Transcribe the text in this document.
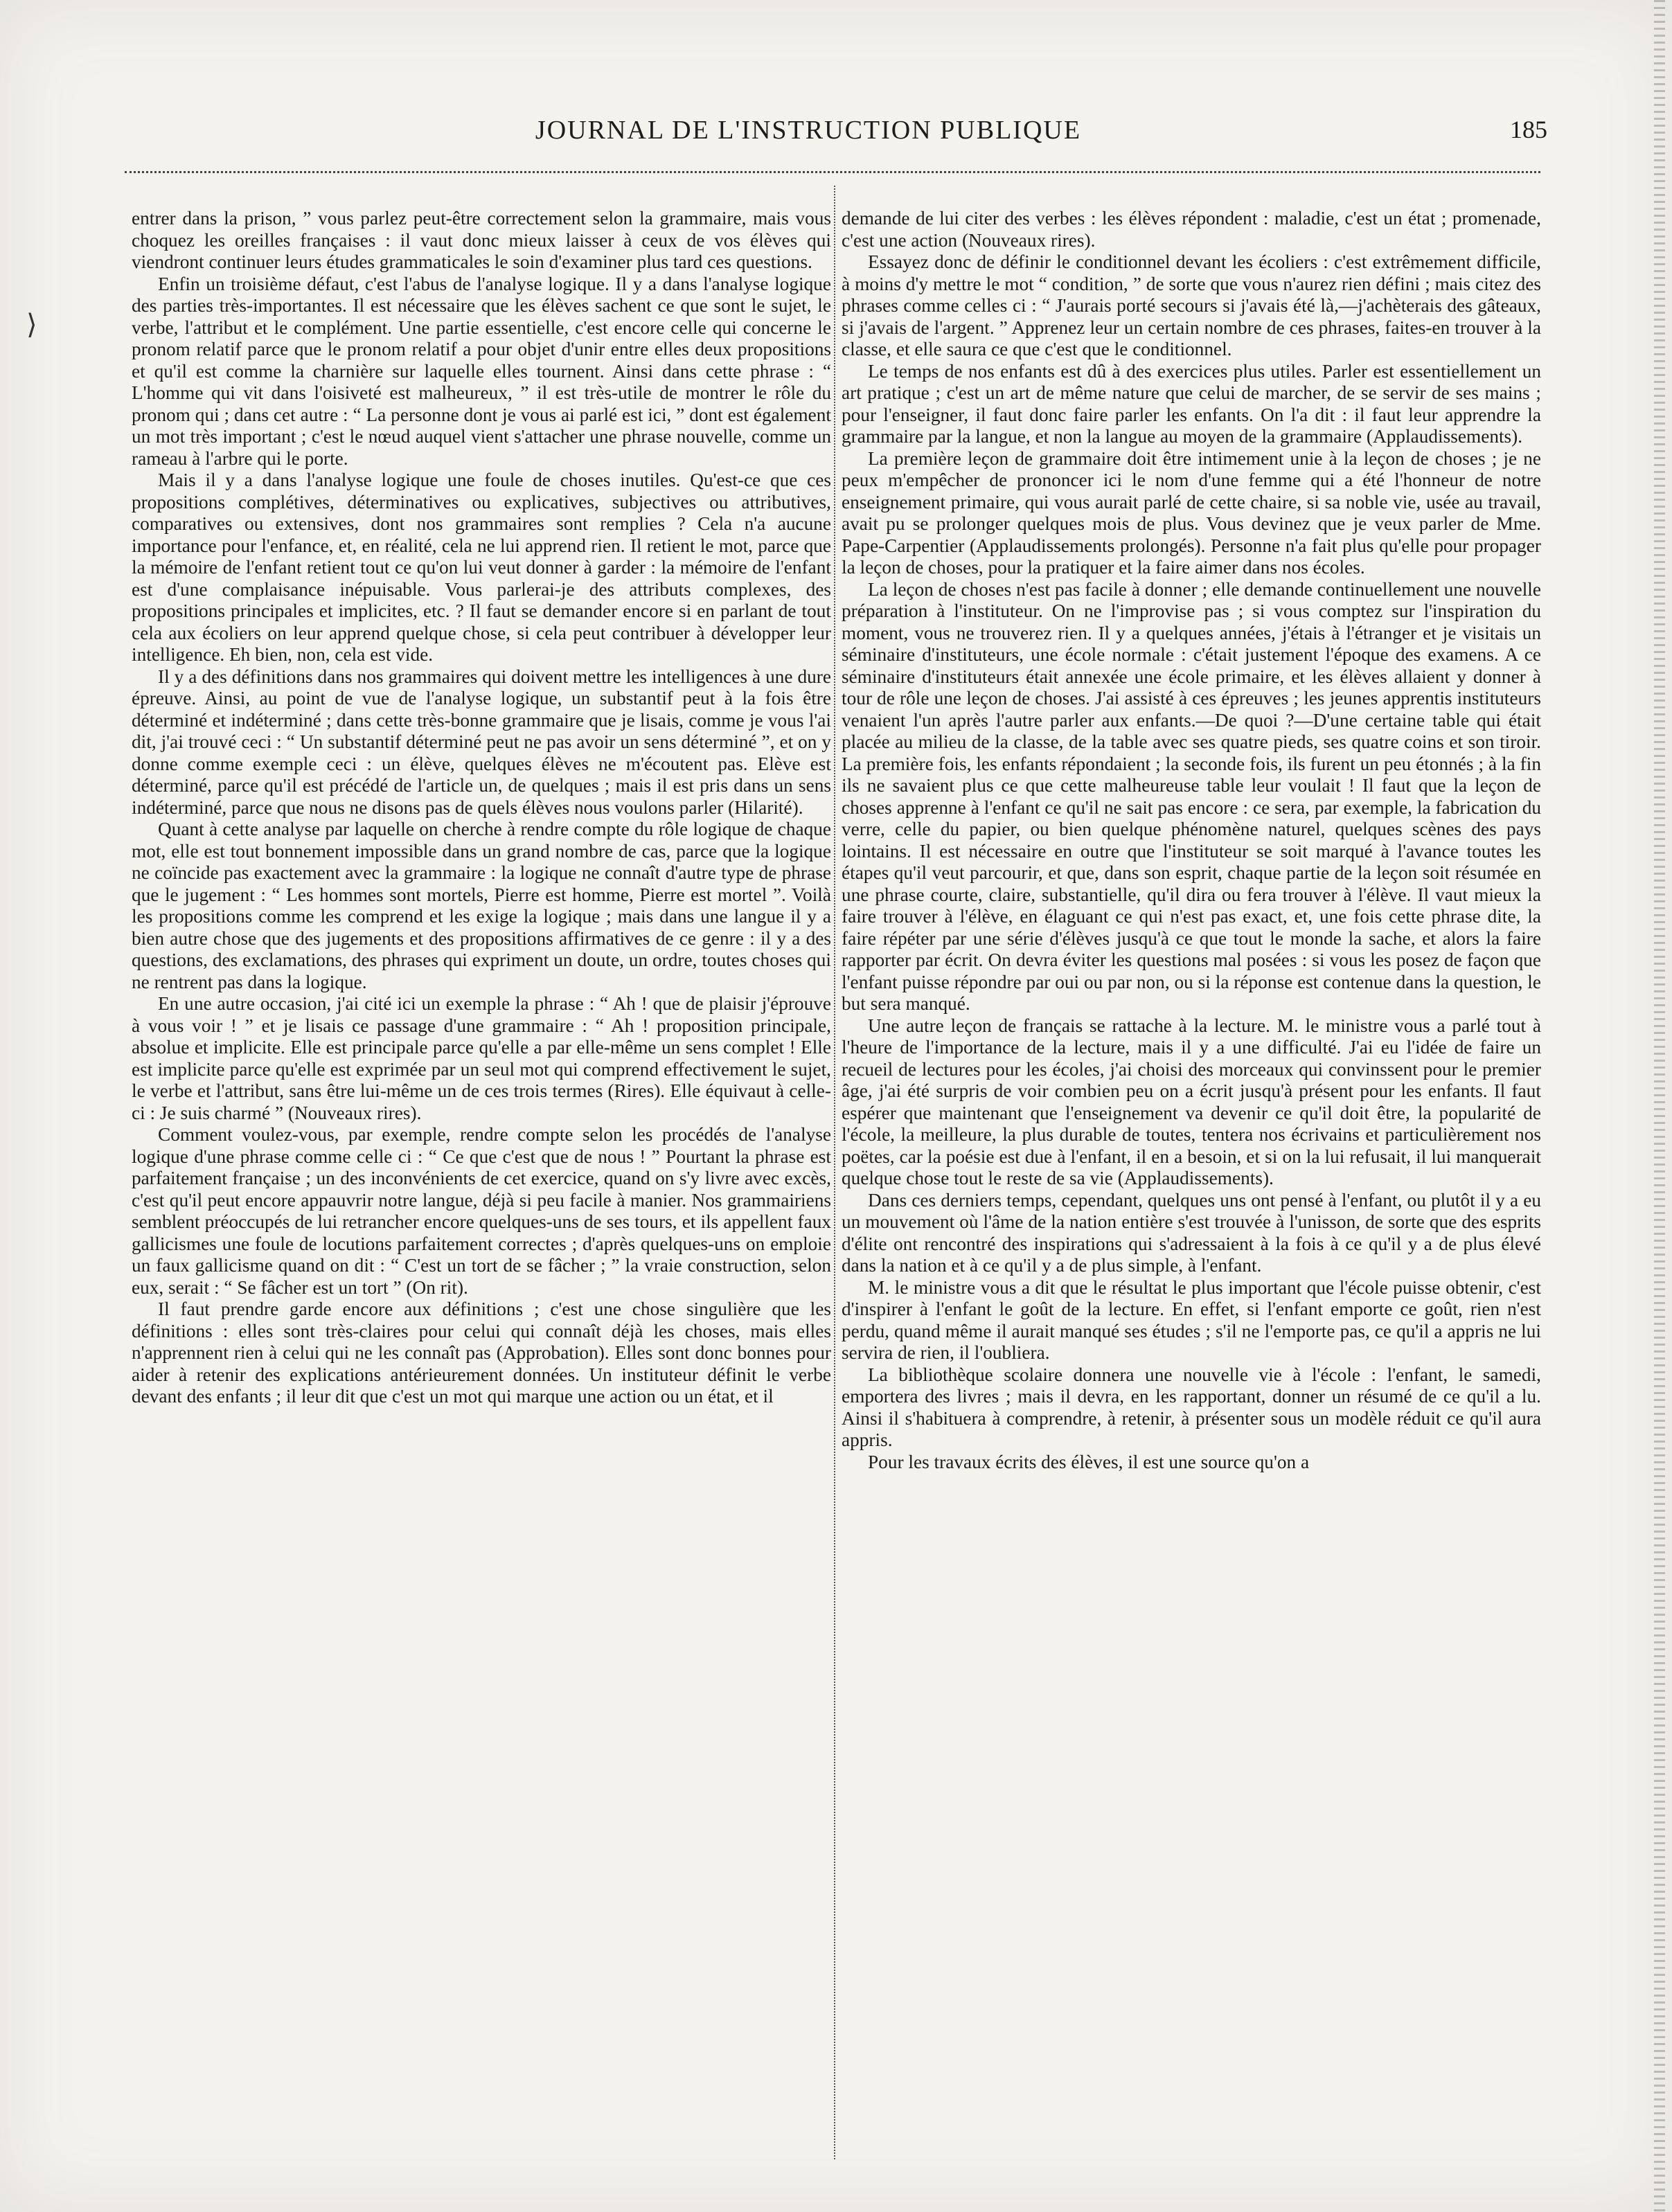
⟩
JOURNAL DE L'INSTRUCTION PUBLIQUE	185

entrer dans la prison, ” vous parlez peut-être correctement selon la grammaire, mais vous choquez les oreilles françaises : il vaut donc mieux laisser à ceux de vos élèves qui viendront continuer leurs études grammaticales le soin d'examiner plus tard ces questions.

Enfin un troisième défaut, c'est l'abus de l'analyse logique. Il y a dans l'analyse logique des parties très-importantes. Il est nécessaire que les élèves sachent ce que sont le sujet, le verbe, l'attribut et le complément. Une partie essentielle, c'est encore celle qui concerne le pronom relatif parce que le pronom relatif a pour objet d'unir entre elles deux propositions et qu'il est comme la charnière sur laquelle elles tournent. Ainsi dans cette phrase : “ L'homme qui vit dans l'oisiveté est malheureux, ” il est très-utile de montrer le rôle du pronom qui ; dans cet autre : “ La personne dont je vous ai parlé est ici, ” dont est également un mot très important ; c'est le nœud auquel vient s'attacher une phrase nouvelle, comme un rameau à l'arbre qui le porte.

Mais il y a dans l'analyse logique une foule de choses inutiles. Qu'est-ce que ces propositions complétives, déterminatives ou explicatives, subjectives ou attributives, comparatives ou extensives, dont nos grammaires sont remplies ? Cela n'a aucune importance pour l'enfance, et, en réalité, cela ne lui apprend rien. Il retient le mot, parce que la mémoire de l'enfant retient tout ce qu'on lui veut donner à garder : la mémoire de l'enfant est d'une complaisance inépuisable. Vous parlerai-je des attributs complexes, des propositions principales et implicites, etc. ? Il faut se demander encore si en parlant de tout cela aux écoliers on leur apprend quelque chose, si cela peut contribuer à développer leur intelligence. Eh bien, non, cela est vide.

Il y a des définitions dans nos grammaires qui doivent mettre les intelligences à une dure épreuve. Ainsi, au point de vue de l'analyse logique, un substantif peut à la fois être déterminé et indéterminé ; dans cette très-bonne grammaire que je lisais, comme je vous l'ai dit, j'ai trouvé ceci : “ Un substantif déterminé peut ne pas avoir un sens déterminé ”, et on y donne comme exemple ceci : un élève, quelques élèves ne m'écoutent pas. Elève est déterminé, parce qu'il est précédé de l'article un, de quelques ; mais il est pris dans un sens indéterminé, parce que nous ne disons pas de quels élèves nous voulons parler (Hilarité).

Quant à cette analyse par laquelle on cherche à rendre compte du rôle logique de chaque mot, elle est tout bonnement impossible dans un grand nombre de cas, parce que la logique ne coïncide pas exactement avec la grammaire : la logique ne connaît d'autre type de phrase que le jugement : “ Les hommes sont mortels, Pierre est homme, Pierre est mortel ”. Voilà les propositions comme les comprend et les exige la logique ; mais dans une langue il y a bien autre chose que des jugements et des propositions affirmatives de ce genre : il y a des questions, des exclamations, des phrases qui expriment un doute, un ordre, toutes choses qui ne rentrent pas dans la logique.

En une autre occasion, j'ai cité ici un exemple la phrase : “ Ah ! que de plaisir j'éprouve à vous voir ! ” et je lisais ce passage d'une grammaire : “ Ah ! proposition principale, absolue et implicite. Elle est principale parce qu'elle a par elle-même un sens complet ! Elle est implicite parce qu'elle est exprimée par un seul mot qui comprend effectivement le sujet, le verbe et l'attribut, sans être lui-même un de ces trois termes (Rires). Elle équivaut à celle-ci : Je suis charmé ” (Nouveaux rires).

Comment voulez-vous, par exemple, rendre compte selon les procédés de l'analyse logique d'une phrase comme celle ci : “ Ce que c'est que de nous ! ” Pourtant la phrase est parfaitement française ; un des inconvénients de cet exercice, quand on s'y livre avec excès, c'est qu'il peut encore appauvrir notre langue, déjà si peu facile à manier. Nos grammairiens semblent préoccupés de lui retrancher encore quelques-uns de ses tours, et ils appellent faux gallicismes une foule de locutions parfaitement correctes ; d'après quelques-uns on emploie un faux gallicisme quand on dit : “ C'est un tort de se fâcher ; ” la vraie construction, selon eux, serait : “ Se fâcher est un tort ” (On rit).

Il faut prendre garde encore aux définitions ; c'est une chose singulière que les définitions : elles sont très-claires pour celui qui connaît déjà les choses, mais elles n'apprennent rien à celui qui ne les connaît pas (Approbation). Elles sont donc bonnes pour aider à retenir des explications antérieurement données. Un instituteur définit le verbe devant des enfants ; il leur dit que c'est un mot qui marque une action ou un état, et il

demande de lui citer des verbes : les élèves répondent : maladie, c'est un état ; promenade, c'est une action (Nouveaux rires).

Essayez donc de définir le conditionnel devant les écoliers : c'est extrêmement difficile, à moins d'y mettre le mot “ condition, ” de sorte que vous n'aurez rien défini ; mais citez des phrases comme celles ci : “ J'aurais porté secours si j'avais été là,—j'achèterais des gâteaux, si j'avais de l'argent. ” Apprenez leur un certain nombre de ces phrases, faites-en trouver à la classe, et elle saura ce que c'est que le conditionnel.

Le temps de nos enfants est dû à des exercices plus utiles. Parler est essentiellement un art pratique ; c'est un art de même nature que celui de marcher, de se servir de ses mains ; pour l'enseigner, il faut donc faire parler les enfants. On l'a dit : il faut leur apprendre la grammaire par la langue, et non la langue au moyen de la grammaire (Applaudissements).

La première leçon de grammaire doit être intimement unie à la leçon de choses ; je ne peux m'empêcher de prononcer ici le nom d'une femme qui a été l'honneur de notre enseignement primaire, qui vous aurait parlé de cette chaire, si sa noble vie, usée au travail, avait pu se prolonger quelques mois de plus. Vous devinez que je veux parler de Mme. Pape-Carpentier (Applaudissements prolongés). Personne n'a fait plus qu'elle pour propager la leçon de choses, pour la pratiquer et la faire aimer dans nos écoles.

La leçon de choses n'est pas facile à donner ; elle demande continuellement une nouvelle préparation à l'instituteur. On ne l'improvise pas ; si vous comptez sur l'inspiration du moment, vous ne trouverez rien. Il y a quelques années, j'étais à l'étranger et je visitais un séminaire d'instituteurs, une école normale : c'était justement l'époque des examens. A ce séminaire d'instituteurs était annexée une école primaire, et les élèves allaient y donner à tour de rôle une leçon de choses. J'ai assisté à ces épreuves ; les jeunes apprentis instituteurs venaient l'un après l'autre parler aux enfants.—De quoi ?—D'une certaine table qui était placée au milieu de la classe, de la table avec ses quatre pieds, ses quatre coins et son tiroir. La première fois, les enfants répondaient ; la seconde fois, ils furent un peu étonnés ; à la fin ils ne savaient plus ce que cette malheureuse table leur voulait ! Il faut que la leçon de choses apprenne à l'enfant ce qu'il ne sait pas encore : ce sera, par exemple, la fabrication du verre, celle du papier, ou bien quelque phénomène naturel, quelques scènes des pays lointains. Il est nécessaire en outre que l'instituteur se soit marqué à l'avance toutes les étapes qu'il veut parcourir, et que, dans son esprit, chaque partie de la leçon soit résumée en une phrase courte, claire, substantielle, qu'il dira ou fera trouver à l'élève. Il vaut mieux la faire trouver à l'élève, en élaguant ce qui n'est pas exact, et, une fois cette phrase dite, la faire répéter par une série d'élèves jusqu'à ce que tout le monde la sache, et alors la faire rapporter par écrit. On devra éviter les questions mal posées : si vous les posez de façon que l'enfant puisse répondre par oui ou par non, ou si la réponse est contenue dans la question, le but sera manqué.

Une autre leçon de français se rattache à la lecture. M. le ministre vous a parlé tout à l'heure de l'importance de la lecture, mais il y a une difficulté. J'ai eu l'idée de faire un recueil de lectures pour les écoles, j'ai choisi des morceaux qui convinssent pour le premier âge, j'ai été surpris de voir combien peu on a écrit jusqu'à présent pour les enfants. Il faut espérer que maintenant que l'enseignement va devenir ce qu'il doit être, la popularité de l'école, la meilleure, la plus durable de toutes, tentera nos écrivains et particulièrement nos poëtes, car la poésie est due à l'enfant, il en a besoin, et si on la lui refusait, il lui manquerait quelque chose tout le reste de sa vie (Applaudissements).

Dans ces derniers temps, cependant, quelques uns ont pensé à l'enfant, ou plutôt il y a eu un mouvement où l'âme de la nation entière s'est trouvée à l'unisson, de sorte que des esprits d'élite ont rencontré des inspirations qui s'adressaient à la fois à ce qu'il y a de plus élevé dans la nation et à ce qu'il y a de plus simple, à l'enfant.

M. le ministre vous a dit que le résultat le plus important que l'école puisse obtenir, c'est d'inspirer à l'enfant le goût de la lecture. En effet, si l'enfant emporte ce goût, rien n'est perdu, quand même il aurait manqué ses études ; s'il ne l'emporte pas, ce qu'il a appris ne lui servira de rien, il l'oubliera.

La bibliothèque scolaire donnera une nouvelle vie à l'école : l'enfant, le samedi, emportera des livres ; mais il devra, en les rapportant, donner un résumé de ce qu'il a lu. Ainsi il s'habituera à comprendre, à retenir, à présenter sous un modèle réduit ce qu'il aura appris.

Pour les travaux écrits des élèves, il est une source qu'on a
